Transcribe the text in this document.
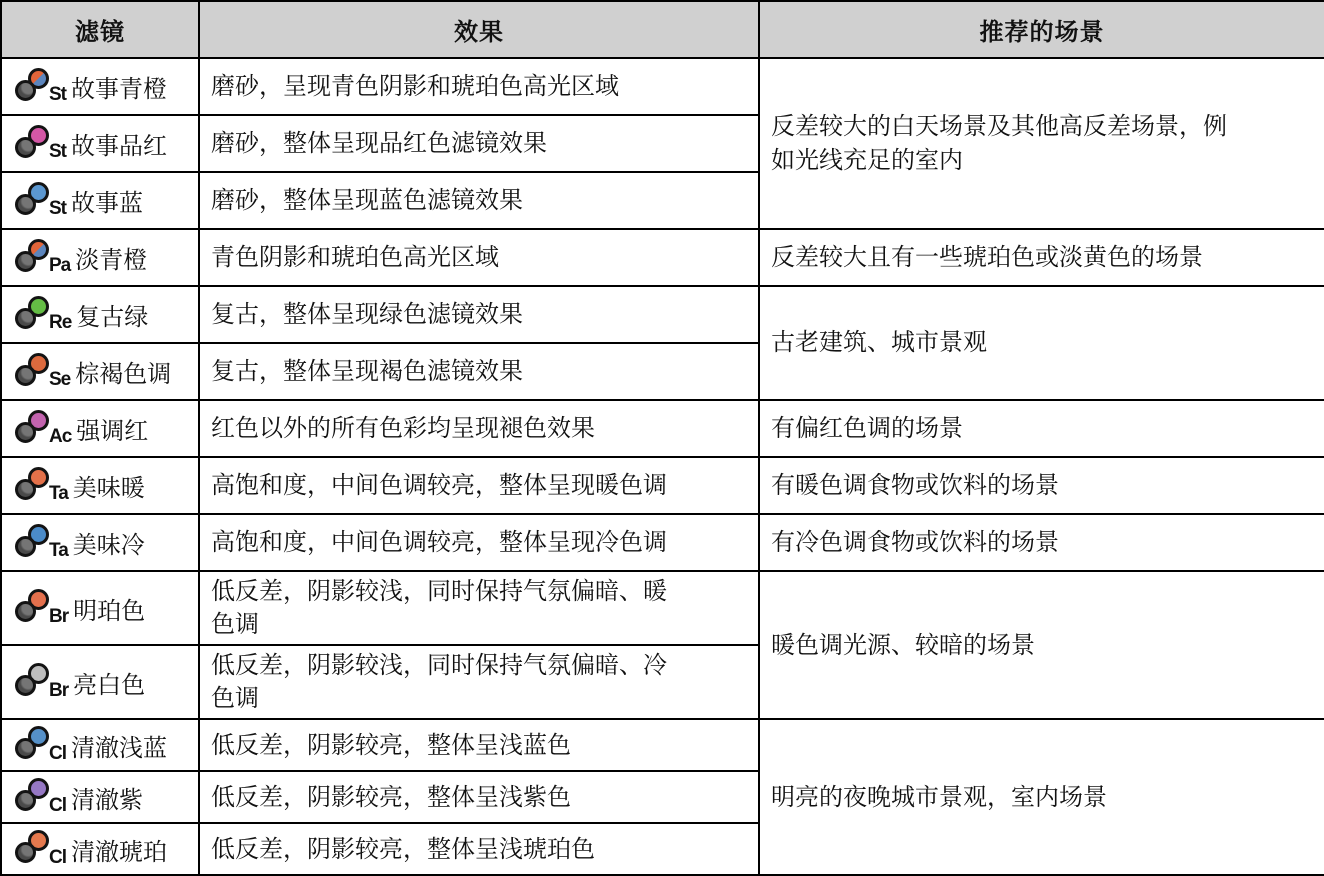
滤镜	效果	推荐的场景

St 故事青橙	磨砂，呈现青色阴影和琥珀色高光区域	反差较大的白天场景及其他高反差场景，例如光线充足的室内

St 故事品红	磨砂，整体呈现品红色滤镜效果	

St 故事蓝	磨砂，整体呈现蓝色滤镜效果	

Pa 淡青橙	青色阴影和琥珀色高光区域	反差较大且有一些琥珀色或淡黄色的场景

Re 复古绿	复古，整体呈现绿色滤镜效果	古老建筑、城市景观

Se 棕褐色调	复古，整体呈现褐色滤镜效果	

Ac 强调红	红色以外的所有色彩均呈现褪色效果	有偏红色调的场景

Ta 美味暖	高饱和度，中间色调较亮，整体呈现暖色调	有暖色调食物或饮料的场景

Ta 美味冷	高饱和度，中间色调较亮，整体呈现冷色调	有冷色调食物或饮料的场景

Br 明珀色	低反差，阴影较浅，同时保持气氛偏暗、暖色调	暖色调光源、较暗的场景

Br 亮白色	低反差，阴影较浅，同时保持气氛偏暗、冷色调	

Cl 清澈浅蓝	低反差，阴影较亮，整体呈浅蓝色	明亮的夜晚城市景观，室内场景

Cl 清澈紫	低反差，阴影较亮，整体呈浅紫色	

Cl 清澈琥珀	低反差，阴影较亮，整体呈浅琥珀色	
